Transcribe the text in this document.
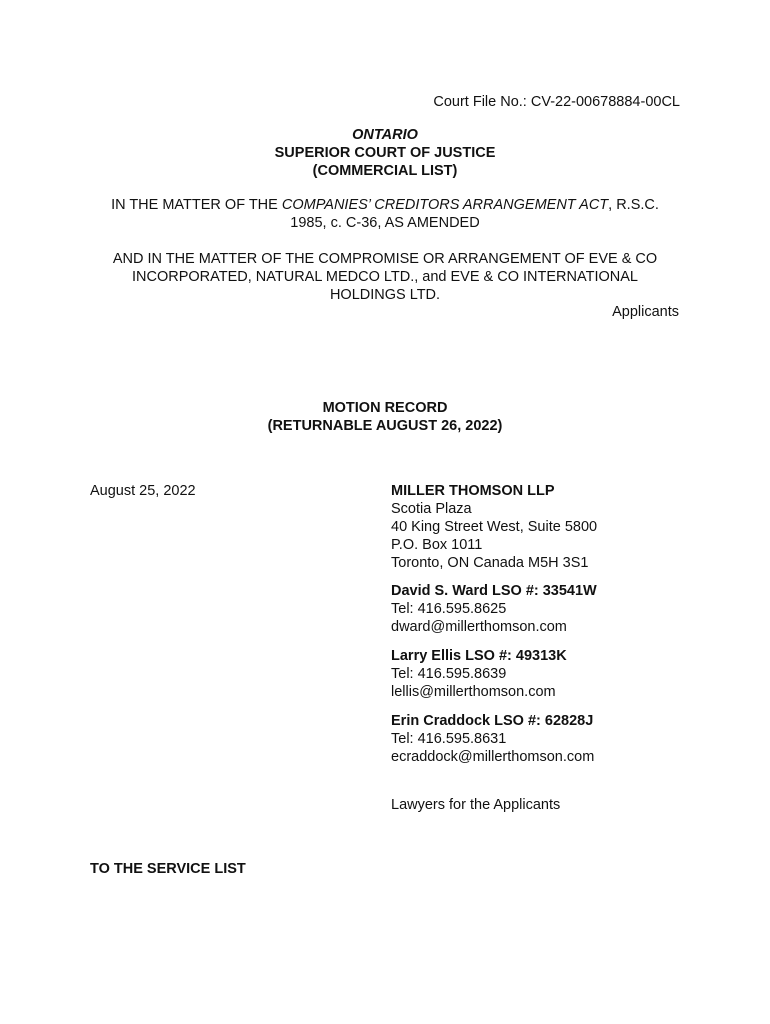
Court File No.: CV-22-00678884-00CL
ONTARIO
SUPERIOR COURT OF JUSTICE
(COMMERCIAL LIST)
IN THE MATTER OF THE COMPANIES’ CREDITORS ARRANGEMENT ACT, R.S.C.
1985, c. C-36, AS AMENDED
AND IN THE MATTER OF THE COMPROMISE OR ARRANGEMENT OF EVE & CO
INCORPORATED, NATURAL MEDCO LTD., and EVE & CO INTERNATIONAL
HOLDINGS LTD.
Applicants
MOTION RECORD
(RETURNABLE AUGUST 26, 2022)
August 25, 2022	MILLER THOMSON LLP
Scotia Plaza
40 King Street West, Suite 5800
P.O. Box 1011
Toronto, ON Canada M5H 3S1
David S. Ward LSO #: 33541W
Tel: 416.595.8625
dward@millerthomson.com
Larry Ellis LSO #: 49313K
Tel: 416.595.8639
lellis@millerthomson.com
Erin Craddock LSO #: 62828J
Tel: 416.595.8631
ecraddock@millerthomson.com
Lawyers for the Applicants
TO THE SERVICE LIST
